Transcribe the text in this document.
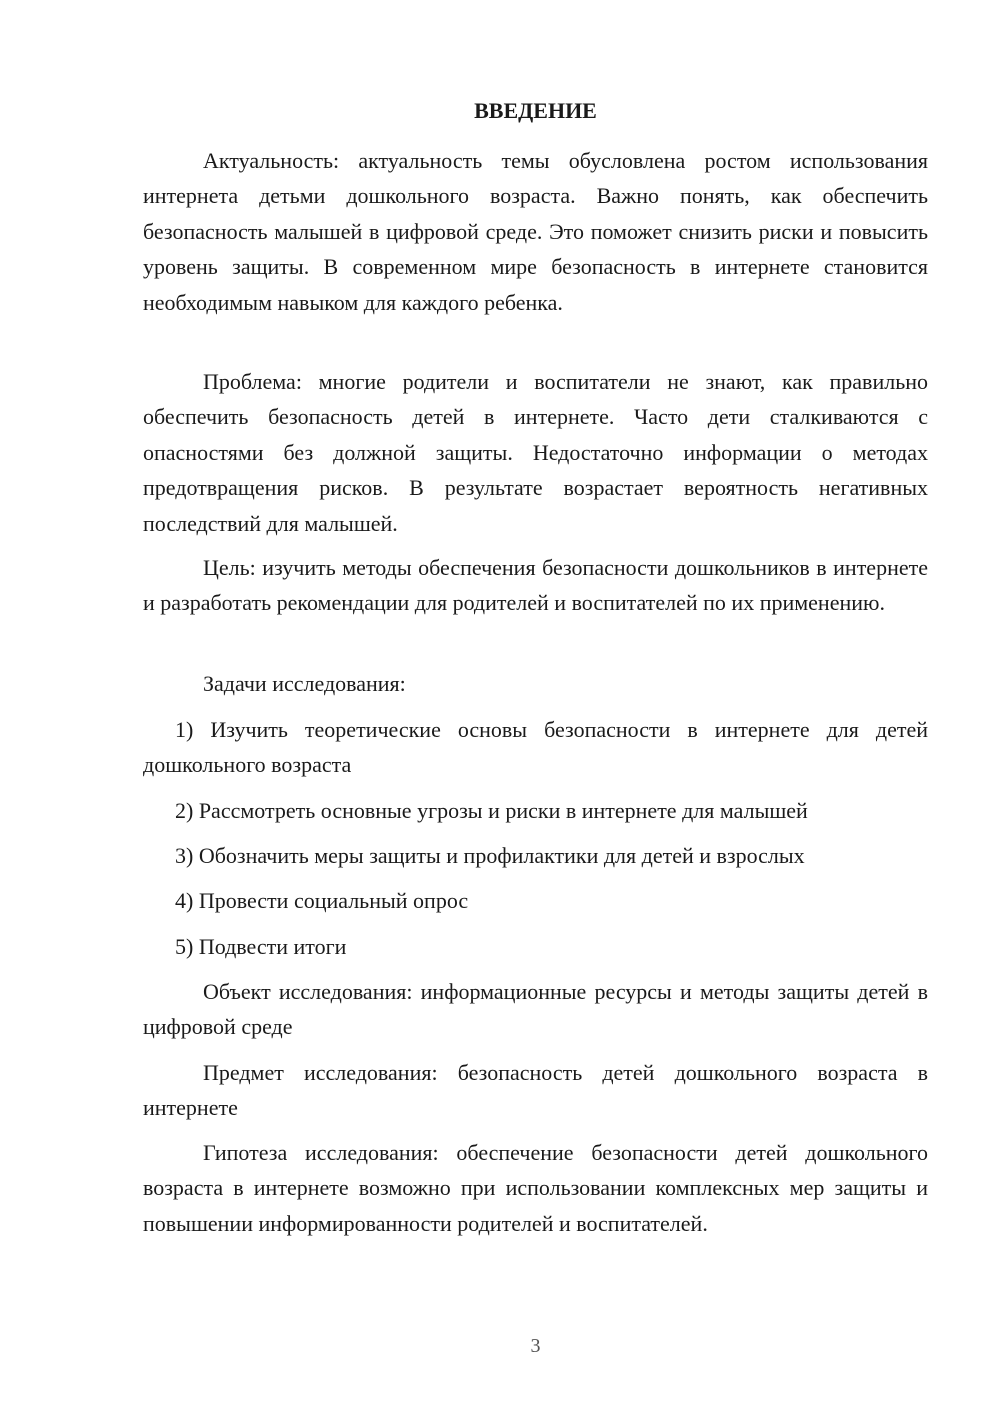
ВВЕДЕНИЕ

Актуальность: актуальность темы обусловлена ростом использования интернета детьми дошкольного возраста. Важно понять, как обеспечить безопасность малышей в цифровой среде. Это поможет снизить риски и повысить уровень защиты. В современном мире безопасность в интернете становится необходимым навыком для каждого ребенка.

Проблема: многие родители и воспитатели не знают, как правильно обеспечить безопасность детей в интернете. Часто дети сталкиваются с опасностями без должной защиты. Недостаточно информации о методах предотвращения рисков. В результате возрастает вероятность негативных последствий для малышей.

Цель: изучить методы обеспечения безопасности дошкольников в интернете и разработать рекомендации для родителей и воспитателей по их применению.

Задачи исследования:

1) Изучить теоретические основы безопасности в интернете для детей дошкольного возраста

2) Рассмотреть основные угрозы и риски в интернете для малышей

3) Обозначить меры защиты и профилактики для детей и взрослых

4) Провести социальный опрос

5) Подвести итоги

Объект исследования: информационные ресурсы и методы защиты детей в цифровой среде

Предмет исследования: безопасность детей дошкольного возраста в интернете

Гипотеза исследования: обеспечение безопасности детей дошкольного возраста в интернете возможно при использовании комплексных мер защиты и повышении информированности родителей и воспитателей.

3
